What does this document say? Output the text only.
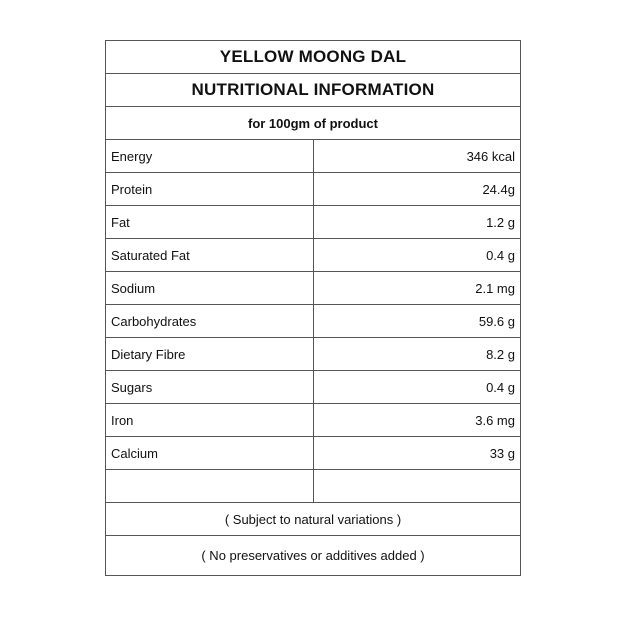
YELLOW MOONG DAL
NUTRITIONAL INFORMATION
for 100gm of product
Energy	346 kcal
Protein	24.4g
Fat	1.2 g
Saturated Fat	0.4 g
Sodium	2.1 mg
Carbohydrates	59.6 g
Dietary Fibre	8.2 g
Sugars	0.4 g
Iron	3.6 mg
Calcium	33 g
( Subject to natural variations )
( No preservatives or additives added )
